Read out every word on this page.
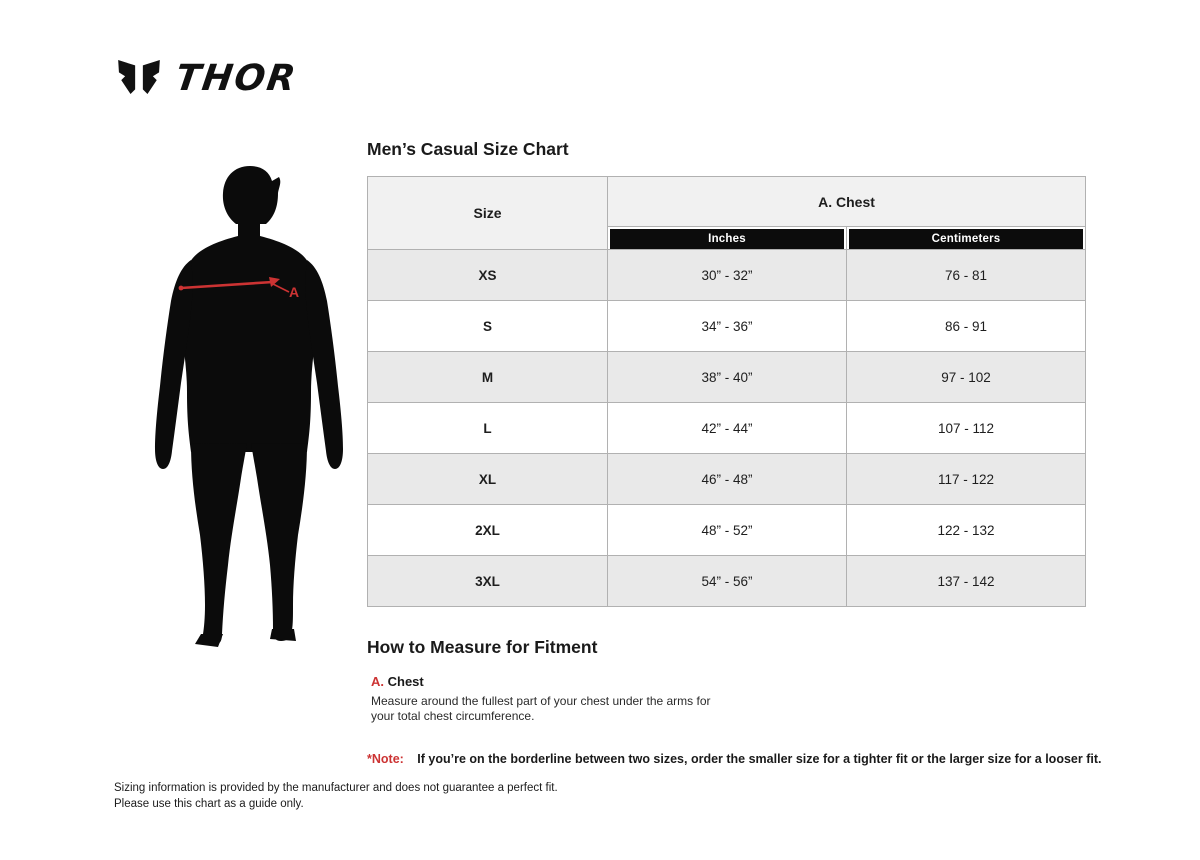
THOR
A
Men’s Casual Size Chart
Size	A. Chest	

Inches	Centimeters

XS	30” - 32”	76 - 81
S	34” - 36”	86 - 91
M	38” - 40”	97 - 102
L	42” - 44”	107 - 112
XL	46” - 48”	117 - 122
2XL	48” - 52”	122 - 132
3XL	54” - 56”	137 - 142
How to Measure for Fitment
A. Chest
Measure around the fullest part of your chest under the arms for your total chest circumference.
*Note: If you’re on the borderline between two sizes, order the smaller size for a tighter fit or the larger size for a looser fit.
Sizing information is provided by the manufacturer and does not guarantee a perfect fit.
Please use this chart as a guide only.
